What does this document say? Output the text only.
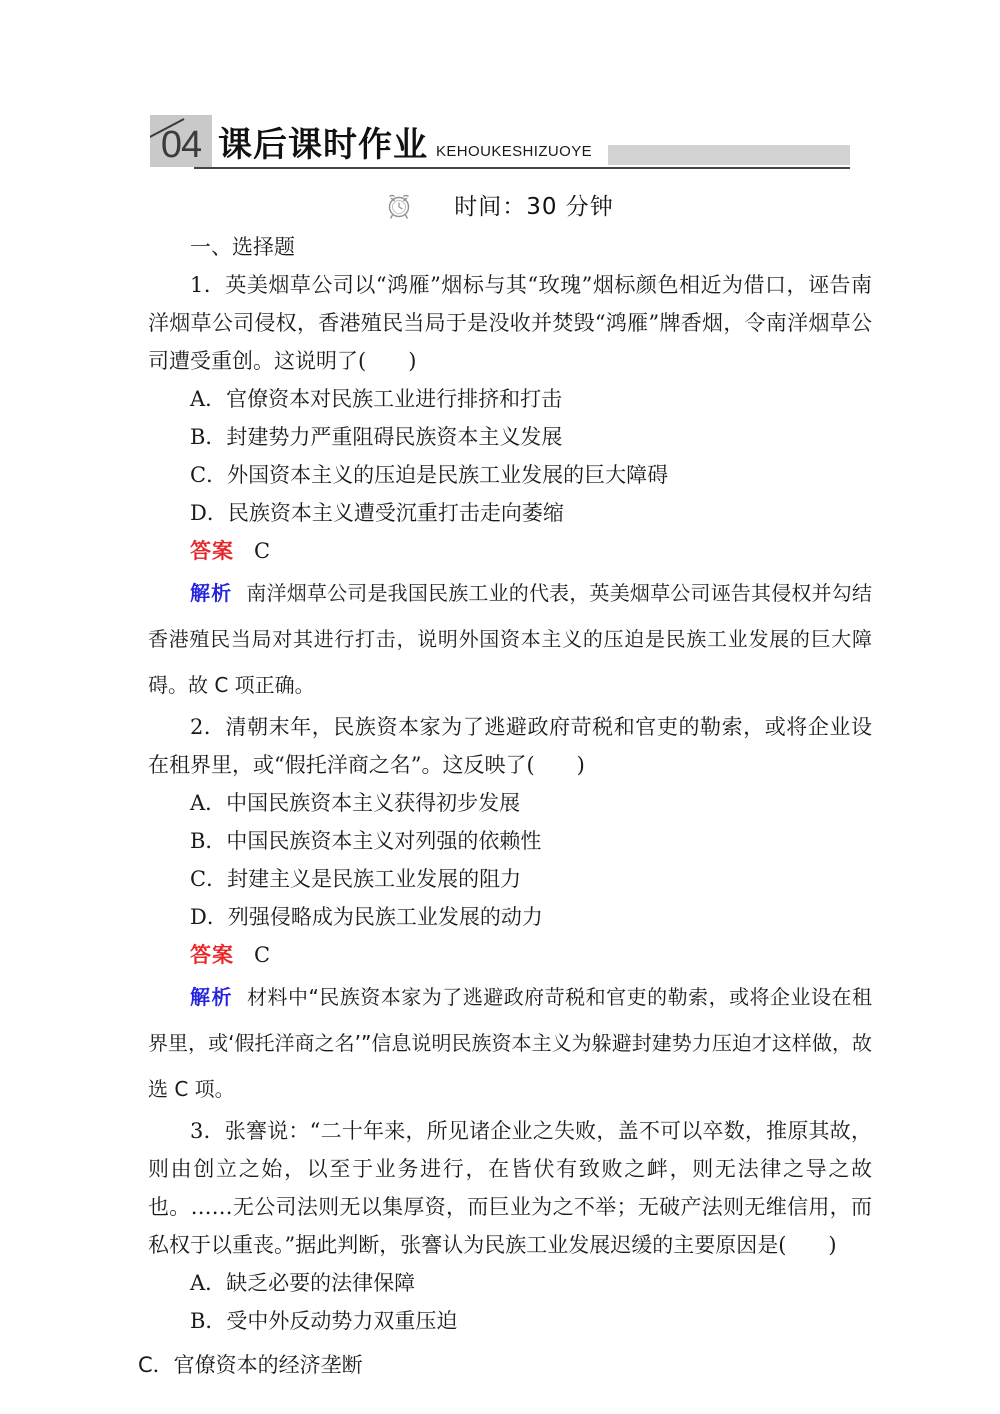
04 课后课时作业 KEHOUKESHIZUOYE
时间：30 分钟
一、选择题
1．英美烟草公司以“鸿雁”烟标与其“玫瑰”烟标颜色相近为借口，诬告南洋烟草公司侵权，香港殖民当局于是没收并焚毁“鸿雁”牌香烟，令南洋烟草公司遭受重创。这说明了(　　)
A．官僚资本对民族工业进行排挤和打击
B．封建势力严重阻碍民族资本主义发展
C．外国资本主义的压迫是民族工业发展的巨大障碍
D．民族资本主义遭受沉重打击走向萎缩
答案 C
解析 南洋烟草公司是我国民族工业的代表，英美烟草公司诬告其侵权并勾结香港殖民当局对其进行打击，说明外国资本主义的压迫是民族工业发展的巨大障碍。故 C 项正确。
2．清朝末年，民族资本家为了逃避政府苛税和官吏的勒索，或将企业设在租界里，或“假托洋商之名”。这反映了(　　)
A．中国民族资本主义获得初步发展
B．中国民族资本主义对列强的依赖性
C．封建主义是民族工业发展的阻力
D．列强侵略成为民族工业发展的动力
答案 C
解析 材料中“民族资本家为了逃避政府苛税和官吏的勒索，或将企业设在租界里，或‘假托洋商之名’”信息说明民族资本主义为躲避封建势力压迫才这样做，故选 C 项。
3．张謇说：“二十年来，所见诸企业之失败，盖不可以卒数，推原其故，则由创立之始，以至于业务进行，在皆伏有致败之衅，则无法律之导之故也。……无公司法则无以集厚资，而巨业为之不举；无破产法则无维信用，而私权于以重丧。”据此判断，张謇认为民族工业发展迟缓的主要原因是(　　)
A．缺乏必要的法律保障
B．受中外反动势力双重压迫
C．官僚资本的经济垄断
